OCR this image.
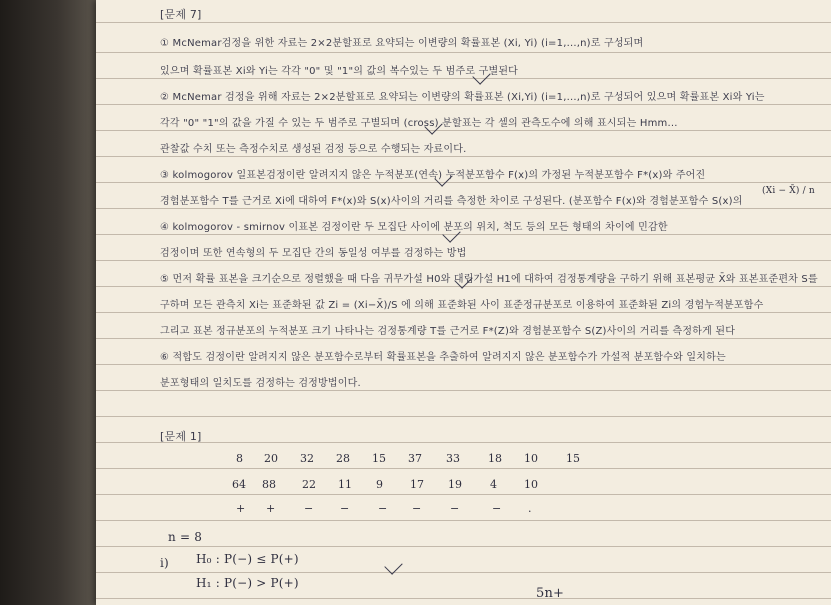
[문제 7]
① McNemar검정을 위한 자료는 2×2분할표로 요약되는 이변량의 확률표본 (Xi, Yi) (i=1,...,n)로 구성되며
있으며 확률표본 Xi와 Yi는 각각 "0" 및 "1"의 값의 복수있는 두 범주로 구별된다
② McNemar 검정을 위해 자료는 2×2분할표로 요약되는 이변량의 확률표본 (Xi,Yi) (i=1,...,n)로 구성되어 있으며 확률표본 Xi와 Yi는
각각 "0" "1"의 값을 가질 수 있는 두 범주로 구별되며 (cross) 분할표는 각 셀의 관측도수에 의해 표시되는 Hmm...
관찰값 수치 또는 측정수치로 생성된 검정 등으로 수행되는 자료이다.
③ kolmogorov 일표본검정이란 알려지지 않은 누적분포(연속) 누적분포함수 F(x)의 가정된 누적분포함수 F*(x)와 주어진
경험분포함수 T를 근거로 Xi에 대하여 F*(x)와 S(x)사이의 거리를 측정한 차이로 구성된다. (분포함수 F(x)와 경험분포함수 S(x)의
(Xi − X̄) / n
④ kolmogorov - smirnov 이표본 검정이란 두 모집단 사이에 분포의 위치, 척도 등의 모든 형태의 차이에 민감한
검정이며 또한 연속형의 두 모집단 간의 동일성 여부를 검정하는 방법
⑤ 먼저 확률 표본을 크기순으로 정렬했을 때 다음 귀무가설 H0와 대립가설 H1에 대하여 검정통계량을 구하기 위해 표본평균 X̄와 표본표준편차 S를
구하며 모든 관측치 Xi는 표준화된 값 Zi = (Xi−X̄)/S 에 의해 표준화된 사이 표준정규분포로 이용하여 표준화된 Zi의 경험누적분포함수
그리고 표본 정규분포의 누적분포 크기 나타나는 검정통계량 T를 근거로 F*(Z)와 경험분포함수 S(Z)사이의 거리를 측정하게 된다
⑥ 적합도 검정이란 알려지지 않은 분포함수로부터 확률표본을 추출하여 알려지지 않은 분포함수가 가설적 분포함수와 일치하는
분포형태의 일치도를 검정하는 검정방법이다.
[문제 1]
8 20 32 28 15 37 33	18 10	15
64 88 22 11 9 17 19	4 10
+ +	− −	− −	−	− .
n = 8
i) H₀ : P(−) ≤ P(+)
H₁ : P(−) > P(+)
5n+
